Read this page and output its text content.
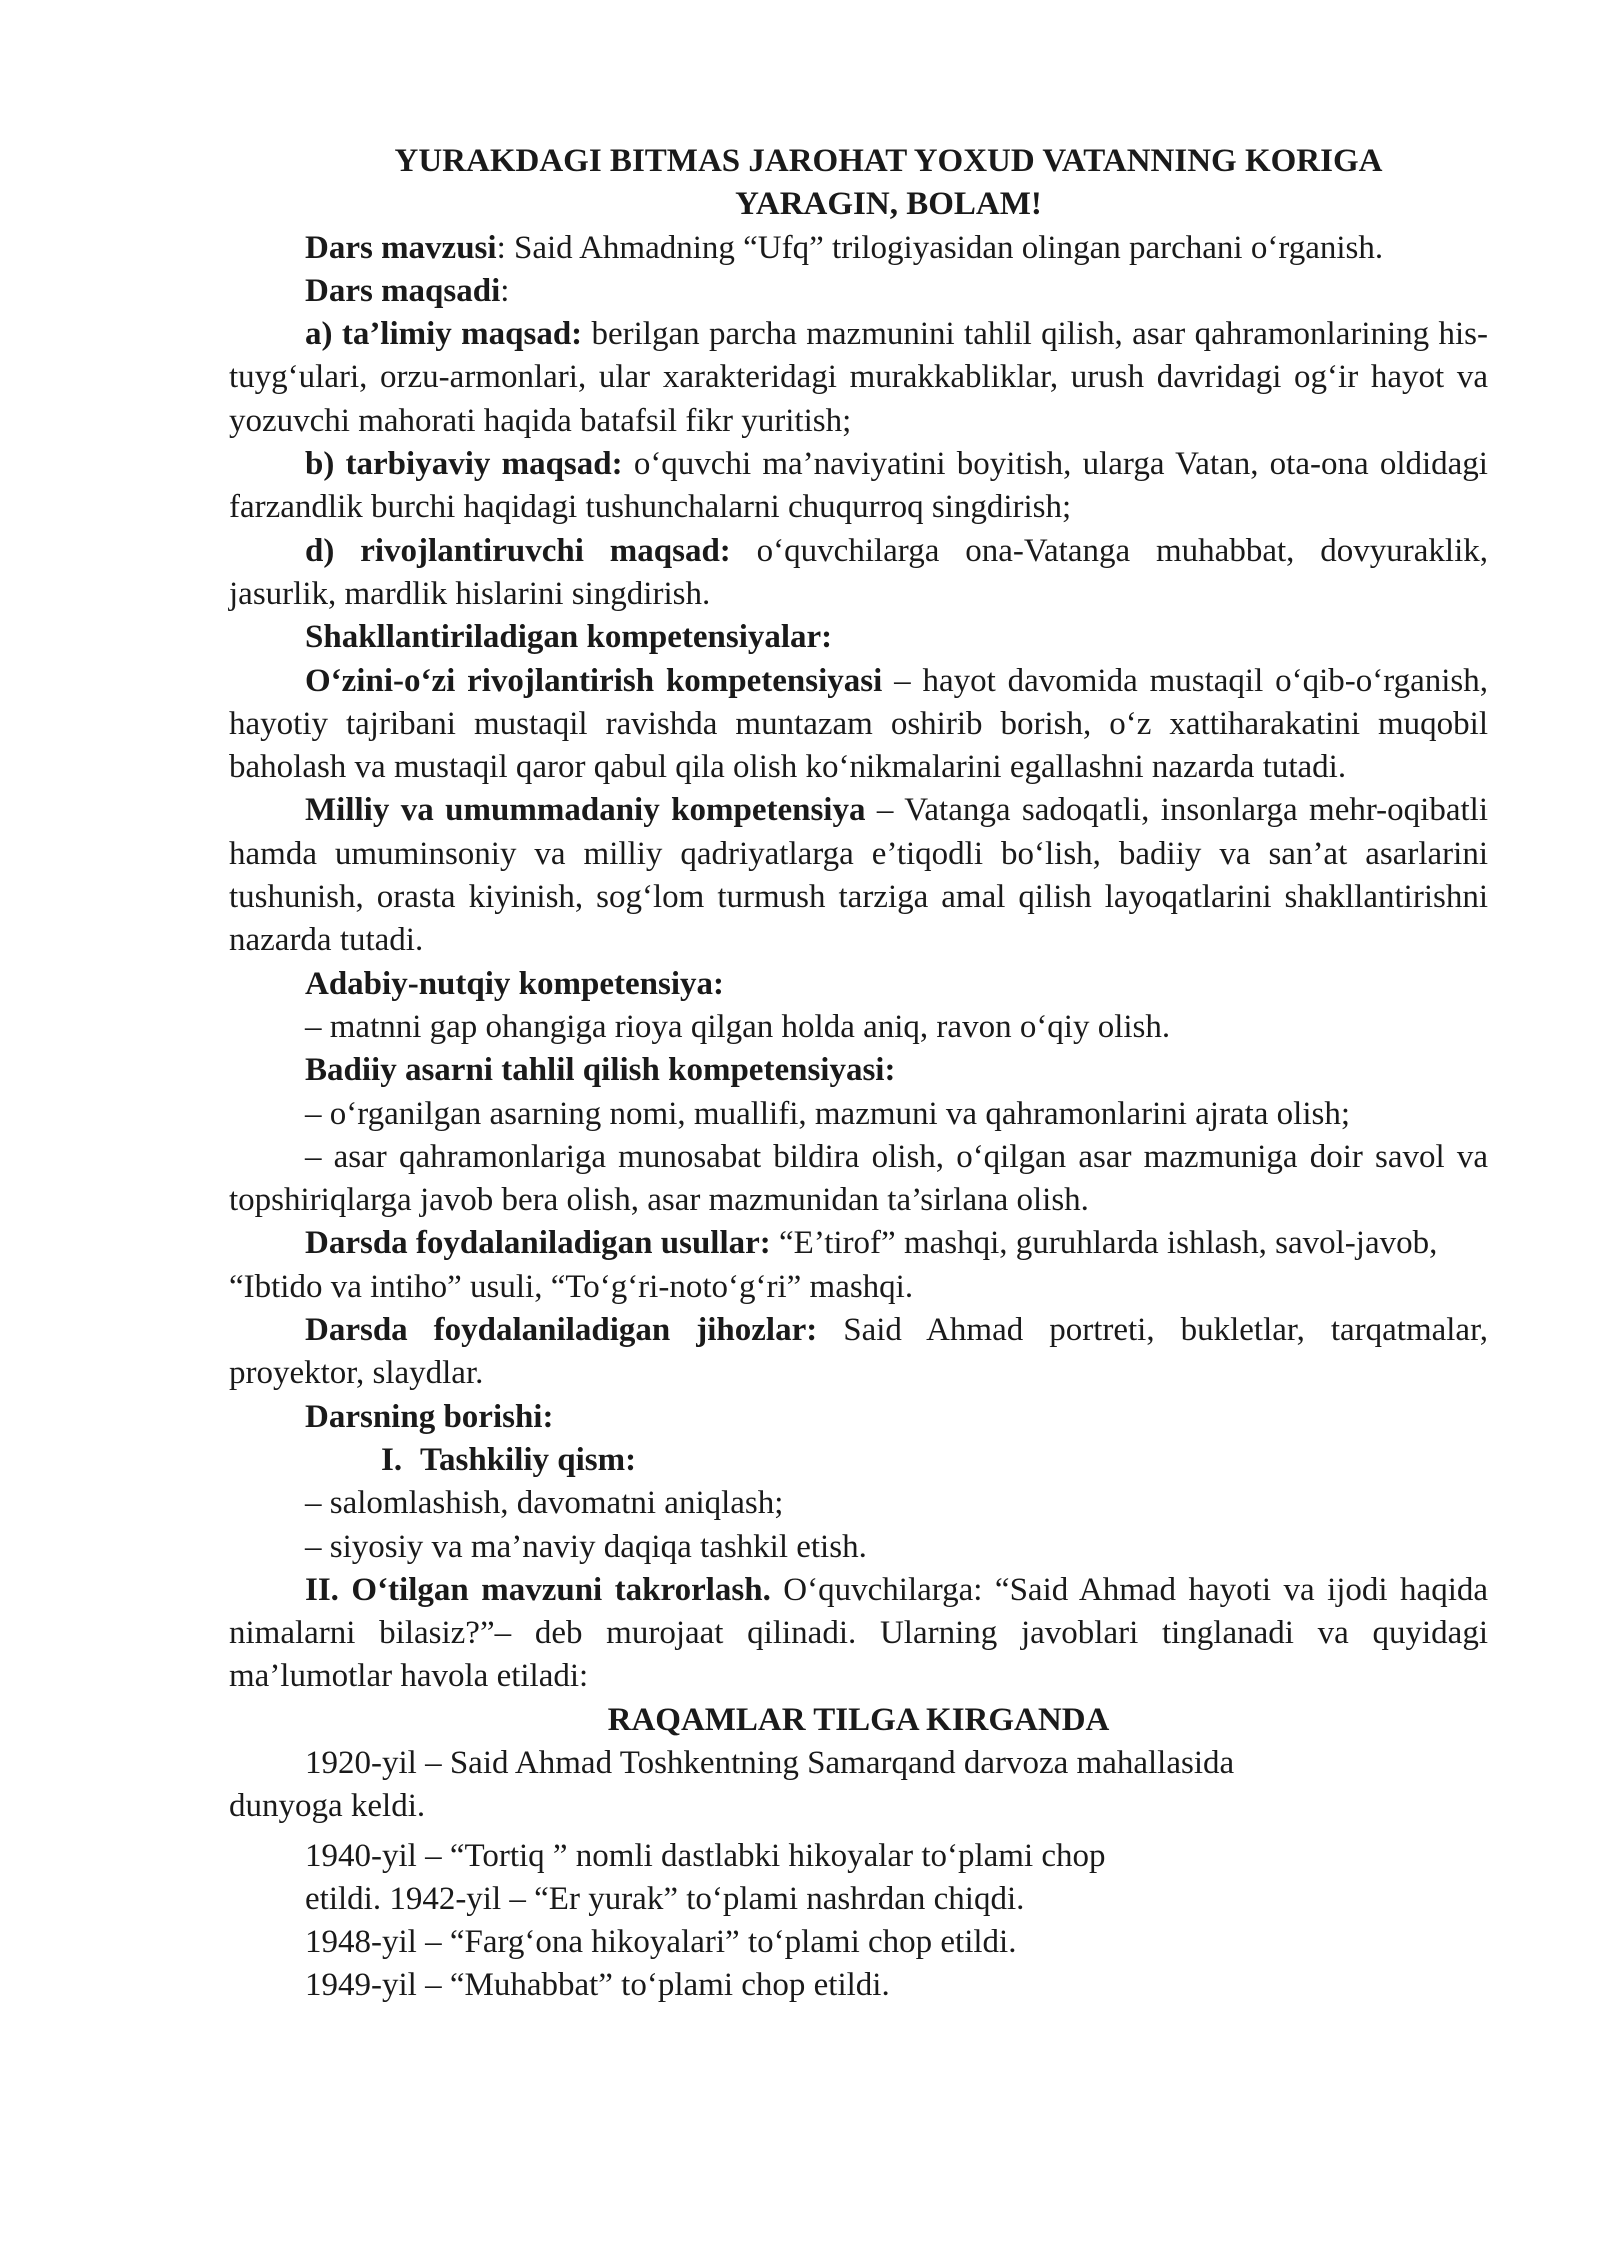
YURAKDAGI BITMAS JAROHAT YOXUD VATANNING KORIGA
YARAGIN, BOLAM!

Dars mavzusi: Said Ahmadning “Ufq” trilogiyasidan olingan parchani o‘rganish.

Dars maqsadi:

a) ta’limiy maqsad: berilgan parcha mazmunini tahlil qilish, asar qahramonlarining his-tuyg‘ulari, orzu-armonlari, ular xarakteridagi murakkabliklar, urush davridagi og‘ir hayot va yozuvchi mahorati haqida batafsil fikr yuritish;

b) tarbiyaviy maqsad: o‘quvchi ma’naviyatini boyitish, ularga Vatan, ota-ona oldidagi farzandlik burchi haqidagi tushunchalarni chuqurroq singdirish;

d) rivojlantiruvchi maqsad: o‘quvchilarga ona-Vatanga muhabbat, dovyuraklik, jasurlik, mardlik hislarini singdirish.

Shakllantiriladigan kompetensiyalar:

O‘zini-o‘zi rivojlantirish kompetensiyasi – hayot davomida mustaqil o‘qib-o‘rganish, hayotiy tajribani mustaqil ravishda muntazam oshirib borish, o‘z xattiharakatini muqobil baholash va mustaqil qaror qabul qila olish ko‘nikmalarini egallashni nazarda tutadi.

Milliy va umummadaniy kompetensiya – Vatanga sadoqatli, insonlarga mehr-oqibatli hamda umuminsoniy va milliy qadriyatlarga e’tiqodli bo‘lish, badiiy va san’at asarlarini tushunish, orasta kiyinish, sog‘lom turmush tarziga amal qilish layoqatlarini shakllantirishni nazarda tutadi.

Adabiy-nutqiy kompetensiya:

– matnni gap ohangiga rioya qilgan holda aniq, ravon o‘qiy olish.

Badiiy asarni tahlil qilish kompetensiyasi:

– o‘rganilgan asarning nomi, muallifi, mazmuni va qahramonlarini ajrata olish;

– asar qahramonlariga munosabat bildira olish, o‘qilgan asar mazmuniga doir savol va topshiriqlarga javob bera olish, asar mazmunidan ta’sirlana olish.

Darsda foydalaniladigan usullar: “E’tirof” mashqi, guruhlarda ishlash, savol-javob, “Ibtido va intiho” usuli, “To‘g‘ri-noto‘g‘ri” mashqi.

Darsda foydalaniladigan jihozlar: Said Ahmad portreti, bukletlar, tarqatmalar, proyektor, slaydlar.

Darsning borishi:

I. Tashkiliy qism:

– salomlashish, davomatni aniqlash;

– siyosiy va ma’naviy daqiqa tashkil etish.

II. O‘tilgan mavzuni takrorlash. O‘quvchilarga: “Said Ahmad hayoti va ijodi haqida nimalarni bilasiz?”– deb murojaat qilinadi. Ularning javoblari tinglanadi va quyidagi ma’lumotlar havola etiladi:

RAQAMLAR TILGA KIRGANDA

1920-yil – Said Ahmad Toshkentning Samarqand darvoza mahallasida

dunyoga keldi.

1940-yil – “Tortiq ” nomli dastlabki hikoyalar to‘plami chop

etildi. 1942-yil – “Er yurak” to‘plami nashrdan chiqdi.

1948-yil – “Farg‘ona hikoyalari” to‘plami chop etildi.

1949-yil – “Muhabbat” to‘plami chop etildi.
